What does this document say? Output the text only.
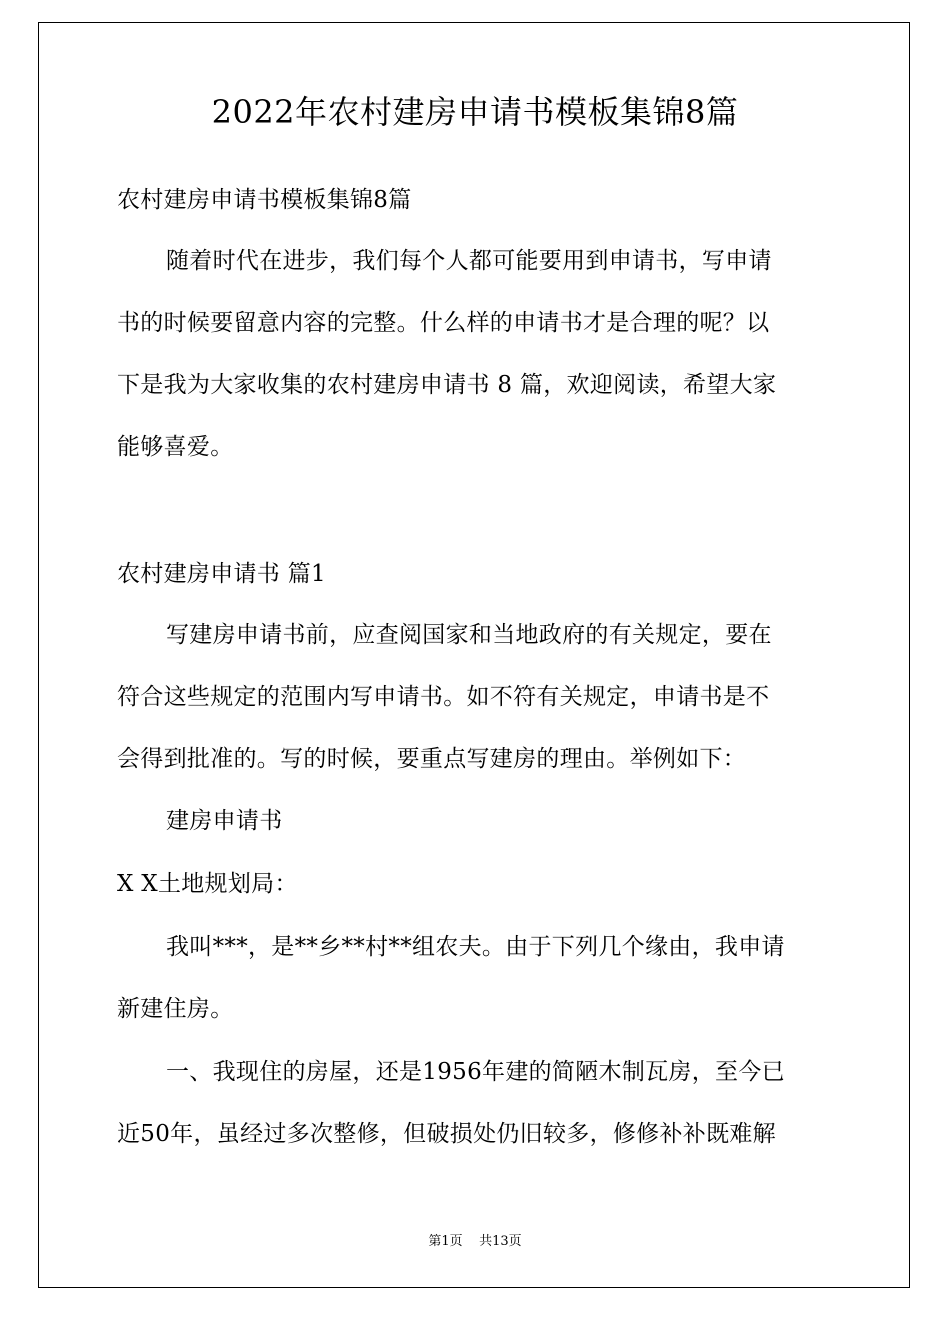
2022年农村建房申请书模板集锦8篇

农村建房申请书模板集锦8篇

随着时代在进步，我们每个人都可能要用到申请书，写申请

书的时候要留意内容的完整。什么样的申请书才是合理的呢？以

下是我为大家收集的农村建房申请书 8 篇，欢迎阅读，希望大家

能够喜爱。

农村建房申请书 篇1

写建房申请书前，应查阅国家和当地政府的有关规定，要在

符合这些规定的范围内写申请书。如不符有关规定，申请书是不

会得到批准的。写的时候，要重点写建房的理由。举例如下：

建房申请书

X X土地规划局：

我叫***，是**乡**村**组农夫。由于下列几个缘由，我申请

新建住房。

一、我现住的房屋，还是1956年建的简陋木制瓦房，至今已

近50年，虽经过多次整修，但破损处仍旧较多，修修补补既难解

第1页 共13页
